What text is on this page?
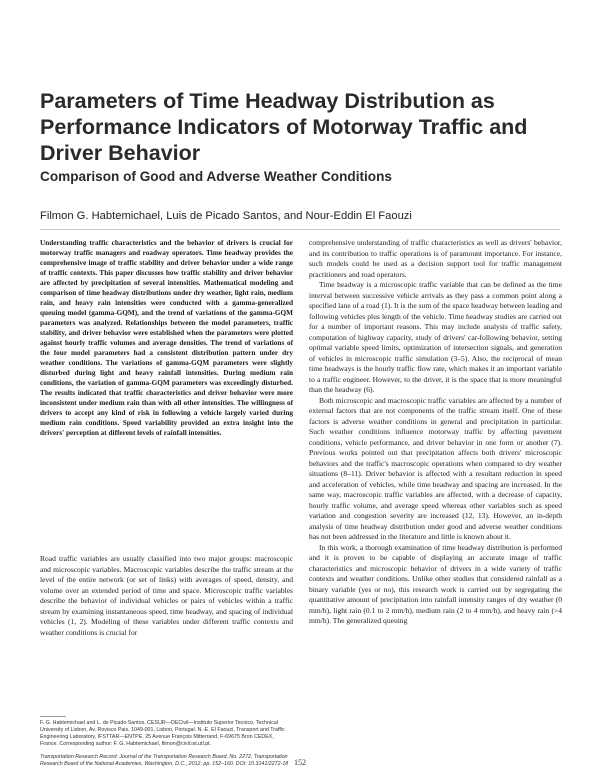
Parameters of Time Headway Distribution as Performance Indicators of Motorway Traffic and Driver Behavior
Comparison of Good and Adverse Weather Conditions

Filmon G. Habtemichael, Luis de Picado Santos, and Nour-Eddin El Faouzi

Understanding traffic characteristics and the behavior of drivers is crucial for motorway traffic managers and roadway operators. Time headway provides the comprehensive image of traffic stability and driver behavior under a wide range of traffic contexts. This paper discusses how traffic stability and driver behavior are affected by precipitation of several intensities. Mathematical modeling and comparison of time headway distributions under dry weather, light rain, medium rain, and heavy rain intensities were conducted with a gamma-generalized queuing model (gamma-GQM), and the trend of variations of the gamma-GQM parameters was analyzed. Relationships between the model parameters, traffic stability, and driver behavior were established when the parameters were plotted against hourly traffic volumes and average densities. The trend of variations of the four model parameters had a consistent distribution pattern under dry weather conditions. The variations of gamma-GQM parameters were slightly disturbed during light and heavy rainfall intensities. During medium rain conditions, the variation of gamma-GQM parameters was exceedingly disturbed. The results indicated that traffic characteristics and driver behavior were more inconsistent under medium rain than with all other intensities. The willingness of drivers to accept any kind of risk in following a vehicle largely varied during medium rain conditions. Speed variability provided an extra insight into the drivers' perception at different levels of rainfall intensities.

Road traffic variables are usually classified into two major groups: macroscopic and microscopic variables. Macroscopic variables describe the traffic stream at the level of the entire network (or set of links) with averages of speed, density, and volume over an extended period of time and space. Microscopic traffic variables describe the behavior of individual vehicles or pairs of vehicles within a traffic stream by examining instantaneous speed, time headway, and spacing of individual vehicles (1, 2). Modeling of these variables under different traffic contexts and weather conditions is crucial for

F. G. Habtemichael and L. de Picado Santos, CESUR—DECivil—Instituto Superior Tecnico, Technical University of Lisbon, Av. Rovisco Pais, 1049-001, Lisbon, Portugal. N.-E. El Faouzi, Transport and Traffic Engineering Laboratory, IFSTTAR—ENTPE, 25 Avenue François Mitterrand, F-69675 Bron CEDEX, France. Corresponding author: F. G. Habtemichael, filmon@civil.ist.utl.pt.

Transportation Research Record: Journal of the Transportation Research Board, No. 2272, Transportation Research Board of the National Academies, Washington, D.C., 2012, pp. 152–160. DOI: 10.3141/2272-18

comprehensive understanding of traffic characteristics as well as drivers' behavior, and its contribution to traffic operations is of paramount importance. For instance, such models could be used as a decision support tool for traffic management practitioners and road operators.

Time headway is a microscopic traffic variable that can be defined as the time interval between successive vehicle arrivals as they pass a common point along a specified lane of a road (1). It is the sum of the space headway between leading and following vehicles plus length of the vehicle. Time headway studies are carried out for a number of important reasons. This may include analysis of traffic safety, computation of highway capacity, study of drivers' car-following behavior, setting optimal variable speed limits, optimization of intersection signals, and generation of vehicles in microscopic traffic simulation (3–5). Also, the reciprocal of mean time headways is the hourly traffic flow rate, which makes it an important variable to a traffic engineer. However, to the driver, it is the space that is more meaningful than the headway (6).

Both microscopic and macroscopic traffic variables are affected by a number of external factors that are not components of the traffic stream itself. One of these factors is adverse weather conditions in general and precipitation in particular. Such weather conditions influence motorway traffic by affecting pavement conditions, vehicle performance, and driver behavior in one form or another (7). Previous works pointed out that precipitation affects both drivers' microscopic behaviors and the traffic's macroscopic operations when compared to dry weather situations (8–11). Driver behavior is affected with a resultant reduction in speed and acceleration of vehicles, while time headway and spacing are increased. In the same way, macroscopic traffic variables are affected, with a decrease of capacity, hourly traffic volume, and average speed whereas other variables such as speed variation and congestion severity are increased (12, 13). However, an in-depth analysis of time headway distribution under good and adverse weather conditions has not been addressed in the literature and little is known about it.

In this work, a thorough examination of time headway distribution is performed and it is proven to be capable of displaying an accurate image of traffic characteristics and microscopic behavior of drivers in a wide variety of traffic contexts and weather conditions. Unlike other studies that considered rainfall as a binary variable (yes or no), this research work is carried out by segregating the quantitative amount of precipitation into rainfall intensity ranges of dry weather (0 mm/h), light rain (0.1 to 2 mm/h), medium rain (2 to 4 mm/h), and heavy rain (>4 mm/h). The generalized queuing

152
